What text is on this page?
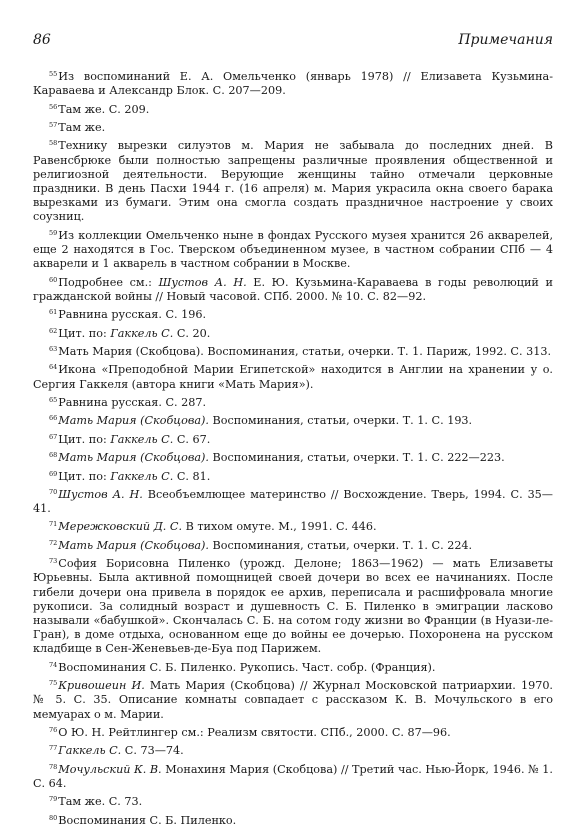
86	Примечания

$^{55}$Из воспоминаний Е. А. Омельченко (январь 1978) // Елизавета Кузьмина-Караваева и Александр Блок. С. 207—209.

$^{56}$Там же. С. 209.

$^{57}$Там же.

$^{58}$Технику вырезки силуэтов м. Мария не забывала до последних дней. В Равенсбрюке были полностью запрещены различные проявления общественной и религиозной деятельности. Верующие женщины тайно отмечали церковные праздники. В день Пасхи 1944 г. (16 апреля) м. Мария украсила окна своего барака вырезками из бумаги. Этим она смогла создать праздничное настроение у своих соузниц.

$^{59}$Из коллекции Омельченко ныне в фондах Русского музея хранится 26 акварелей, еще 2 находятся в Гос. Тверском объединенном музее, в частном собрании СПб — 4 акварели и 1 акварель в частном собрании в Москве.

$^{60}$Подробнее см.: Шустов А. Н. Е. Ю. Кузьмина-Караваева в годы революций и гражданской войны // Новый часовой. СПб. 2000. № 10. С. 82—92.

$^{61}$Равнина русская. С. 196.

$^{62}$Цит. по: Гаккель С. С. 20.

$^{63}$Мать Мария (Скобцова). Воспоминания, статьи, очерки. Т. 1. Париж, 1992. С. 313.

$^{64}$Икона «Преподобной Марии Египетской» находится в Англии на хранении у о. Сергия Гаккеля (автора книги «Мать Мария»).

$^{65}$Равнина русская. С. 287.

$^{66}$Мать Мария (Скобцова). Воспоминания, статьи, очерки. Т. 1. С. 193.

$^{67}$Цит. по: Гаккель С. С. 67.

$^{68}$Мать Мария (Скобцова). Воспоминания, статьи, очерки. Т. 1. С. 222—223.

$^{69}$Цит. по: Гаккель С. С. 81.

$^{70}$Шустов А. Н. Всеобъемлющее материнство // Восхождение. Тверь, 1994. С. 35—41.

$^{71}$Мережковский Д. С. В тихом омуте. М., 1991. С. 446.

$^{72}$Мать Мария (Скобцова). Воспоминания, статьи, очерки. Т. 1. С. 224.

$^{73}$София Борисовна Пиленко (урожд. Делоне; 1863—1962) — мать Елизаветы Юрьевны. Была активной помощницей своей дочери во всех ее начинаниях. После гибели дочери она привела в порядок ее архив, переписала и расшифровала многие рукописи. За солидный возраст и душевность С. Б. Пиленко в эмиграции ласково называли «бабушкой». Скончалась С. Б. на сотом году жизни во Франции (в Нуази-ле-Гран), в доме отдыха, основанном еще до войны ее дочерью. Похоронена на русском кладбище в Сен-Женевьев-де-Буа под Парижем.

$^{74}$Воспоминания С. Б. Пиленко. Рукопись. Част. собр. (Франция).

$^{75}$Кривошеин И. Мать Мария (Скобцова) // Журнал Московской патриархии. 1970. № 5. С. 35. Описание комнаты совпадает с рассказом К. В. Мочульского в его мемуарах о м. Марии.

$^{76}$О Ю. Н. Рейтлингер см.: Реализм святости. СПб., 2000. С. 87—96.

$^{77}$Гаккель С. С. 73—74.

$^{78}$Мочульский К. В. Монахиня Мария (Скобцова) // Третий час. Нью-Йорк, 1946. № 1. С. 64.

$^{79}$Там же. С. 73.

$^{80}$Воспоминания С. Б. Пиленко.
